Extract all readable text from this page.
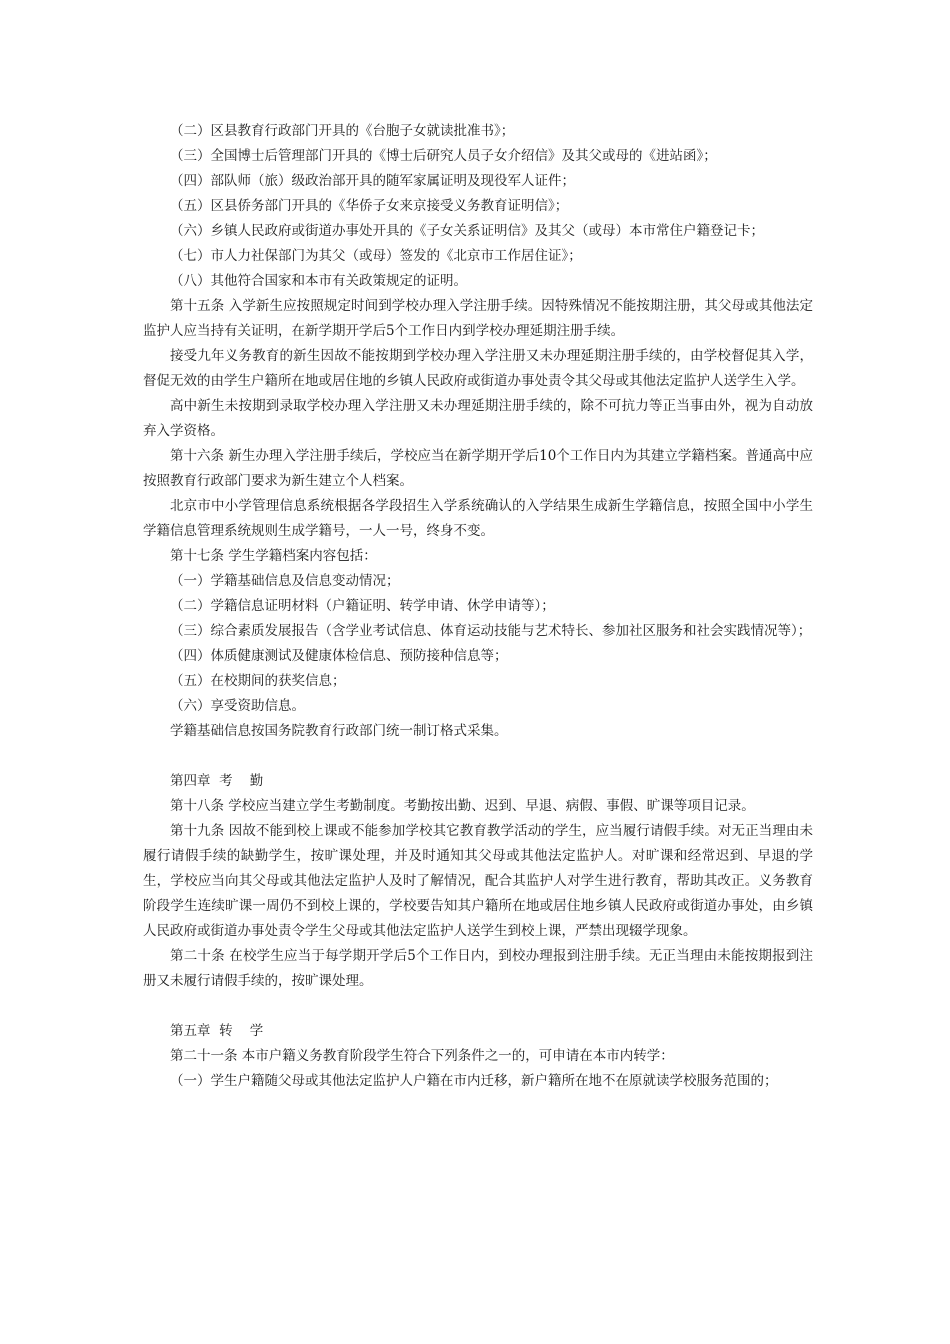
（二）区县教育行政部门开具的《台胞子女就读批准书》；

（三）全国博士后管理部门开具的《博士后研究人员子女介绍信》及其父或母的《进站函》；

（四）部队师（旅）级政治部开具的随军家属证明及现役军人证件；

（五）区县侨务部门开具的《华侨子女来京接受义务教育证明信》；

（六）乡镇人民政府或街道办事处开具的《子女关系证明信》及其父（或母）本市常住户籍登记卡；

（七）市人力社保部门为其父（或母）签发的《北京市工作居住证》；

（八）其他符合国家和本市有关政策规定的证明。

第十五条 入学新生应按照规定时间到学校办理入学注册手续。因特殊情况不能按期注册，其父母或其他法定监护人应当持有关证明，在新学期开学后5个工作日内到学校办理延期注册手续。

接受九年义务教育的新生因故不能按期到学校办理入学注册又未办理延期注册手续的，由学校督促其入学，督促无效的由学生户籍所在地或居住地的乡镇人民政府或街道办事处责令其父母或其他法定监护人送学生入学。

高中新生未按期到录取学校办理入学注册又未办理延期注册手续的，除不可抗力等正当事由外，视为自动放弃入学资格。

第十六条 新生办理入学注册手续后，学校应当在新学期开学后10个工作日内为其建立学籍档案。普通高中应按照教育行政部门要求为新生建立个人档案。

北京市中小学管理信息系统根据各学段招生入学系统确认的入学结果生成新生学籍信息，按照全国中小学生学籍信息管理系统规则生成学籍号，一人一号，终身不变。

第十七条 学生学籍档案内容包括：

（一）学籍基础信息及信息变动情况；

（二）学籍信息证明材料（户籍证明、转学申请、休学申请等）；

（三）综合素质发展报告（含学业考试信息、体育运动技能与艺术特长、参加社区服务和社会实践情况等）；

（四）体质健康测试及健康体检信息、预防接种信息等；

（五）在校期间的获奖信息；

（六）享受资助信息。

学籍基础信息按国务院教育行政部门统一制订格式采集。

第四章  考    勤

第十八条 学校应当建立学生考勤制度。考勤按出勤、迟到、早退、病假、事假、旷课等项目记录。

第十九条 因故不能到校上课或不能参加学校其它教育教学活动的学生，应当履行请假手续。对无正当理由未履行请假手续的缺勤学生，按旷课处理，并及时通知其父母或其他法定监护人。对旷课和经常迟到、早退的学生，学校应当向其父母或其他法定监护人及时了解情况，配合其监护人对学生进行教育，帮助其改正。义务教育阶段学生连续旷课一周仍不到校上课的，学校要告知其户籍所在地或居住地乡镇人民政府或街道办事处，由乡镇人民政府或街道办事处责令学生父母或其他法定监护人送学生到校上课，严禁出现辍学现象。

第二十条 在校学生应当于每学期开学后5个工作日内，到校办理报到注册手续。无正当理由未能按期报到注册又未履行请假手续的，按旷课处理。

第五章  转    学

第二十一条 本市户籍义务教育阶段学生符合下列条件之一的，可申请在本市内转学：

（一）学生户籍随父母或其他法定监护人户籍在市内迁移，新户籍所在地不在原就读学校服务范围的；
